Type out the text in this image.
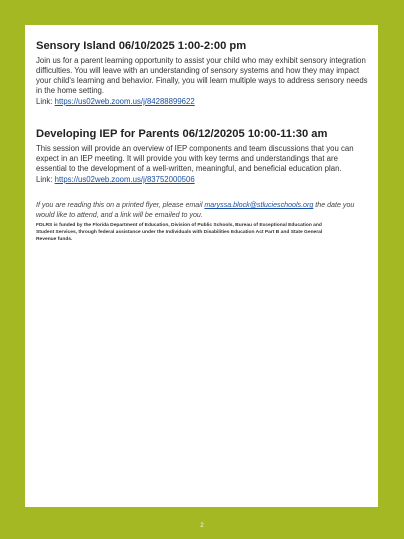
Sensory Island 06/10/2025 1:00-2:00 pm

Join us for a parent learning opportunity to assist your child who may exhibit sensory integration difficulties. You will leave with an understanding of sensory systems and how they may impact your child's learning and behavior. Finally, you will learn multiple ways to address sensory needs in the home setting.

Link: https://us02web.zoom.us/j/84288899622

Developing IEP for Parents 06/12/20205 10:00-11:30 am

This session will provide an overview of IEP components and team discussions that you can expect in an IEP meeting. It will provide you with key terms and understandings that are essential to the development of a well-written, meaningful, and beneficial education plan.

Link: https://us02web.zoom.us/j/83752000506

If you are reading this on a printed flyer, please email maryssa.block@stlucieschools.org the date you would like to attend, and a link will be emailed to you.

FDLRS is funded by the Florida Department of Education, Division of Public Schools, Bureau of Exceptional Education and Student Services, through federal assistance under the Individuals with Disabilities Education Act Part B and State General Revenue funds.

2
